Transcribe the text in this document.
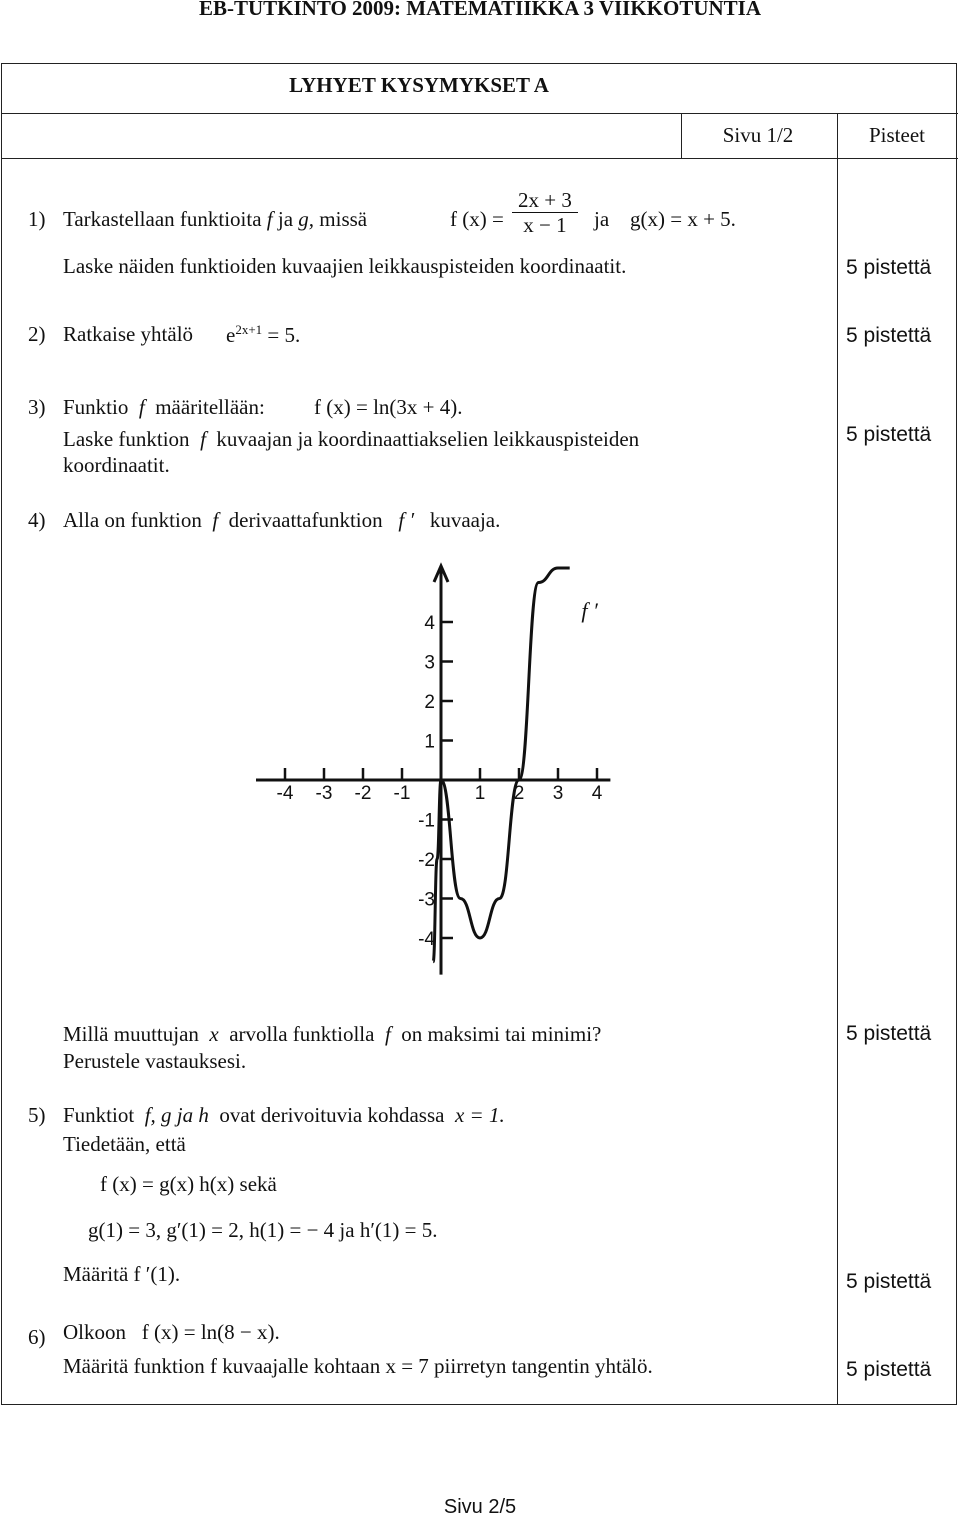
EB-TUTKINTO 2009: MATEMATIIKKA 3 VIIKKOTUNTIA
LYHYET KYSYMYKSET A
Sivu 1/2	Pisteet
1) Tarkastellaan funktioita f ja g, missä	f $(x) = \frac{2x + 3}{x - 1}$ ja g(x) = x + 5.
Laske näiden funktioiden kuvaajien leikkauspisteiden koordinaatit.	5 pistettä
2) Ratkaise yhtälö $e^{2x+1} = 5$.	5 pistettä
3) Funktio f määritellään: f (x) = ln(3x + 4).
Laske funktion f kuvaajan ja koordinaattiakselien leikkauspisteiden
koordinaatit.
5 pistettä
4) Alla on funktion f derivaattafunktion f ′ kuvaaja.
-4 -3 -2 -1	1 2 3 4
4
3
2
1
-1
-2
-3
-4
f ′
Millä muuttujan x arvolla funktiolla f on maksimi tai minimi?
Perustele vastauksesi.
5 pistettä
5) Funktiot f, g ja h ovat derivoituvia kohdassa x = 1.
Tiedetään, että
f (x) = g(x) h(x) sekä
g(1) = 3, g′(1) = 2, h(1) = − 4 ja h′(1) = 5.
Määritä f ′(1).	5 pistettä
6) Olkoon f (x) = ln(8 − x).
Määritä funktion f kuvaajalle kohtaan x = 7 piirretyn tangentin yhtälö.	5 pistettä
Sivu 2/5
